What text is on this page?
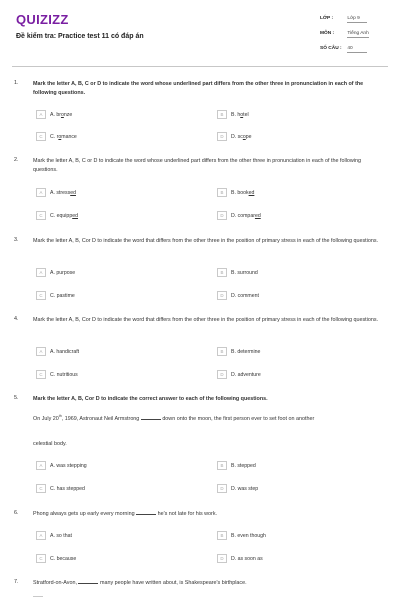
QUIZIZZ
Đề kiểm tra: Practice test 11 có đáp án
LỚP :	Lớp 9
MÔN :	Tiếng Anh
SỐ CÂU : 40
1.	Mark the letter A, B, C or D to indicate the word whose underlined part differs from the other three in pronunciation in each of the following questions.
A A. bronze	B B. hotel
C C. romance	D D. scope
2.	Mark the letter A, B, C or D to indicate the word whose underlined part differs from the other three in pronunciation in each of the following questions.
A A. stressed	B B. booked
C C. equipped	D D. compared
3.	Mark the letter A, B, Cor D to indicate the word that differs from the other three in the position of primary stress in each of the following questions.
A A. purpose	B B. surround
C C. pastime	D D. comment
4.	Mark the letter A, B, Cor D to indicate the word that differs from the other three in the position of primary stress in each of the following questions.
A A. handicraft	B B. determine
C C. nutritious	D D. adventure
5.	Mark the letter A, B, Cor D to indicate the correct answer to each of the following questions.
On July 20th, 1969, Astronaut Neil Armstrong	down onto the moon, the first person ever to set foot on another
celestial body.
A A. was stepping	B B. stepped
C C. has stepped	D D. was step
6.	Phong always gets up early every morning	he's not late for his work.
A A. so that	B B. even though
C C. because	D D. as soon as
7.	Stratford-on-Avon,	many people have written about, is Shakespeare's birthplace.
